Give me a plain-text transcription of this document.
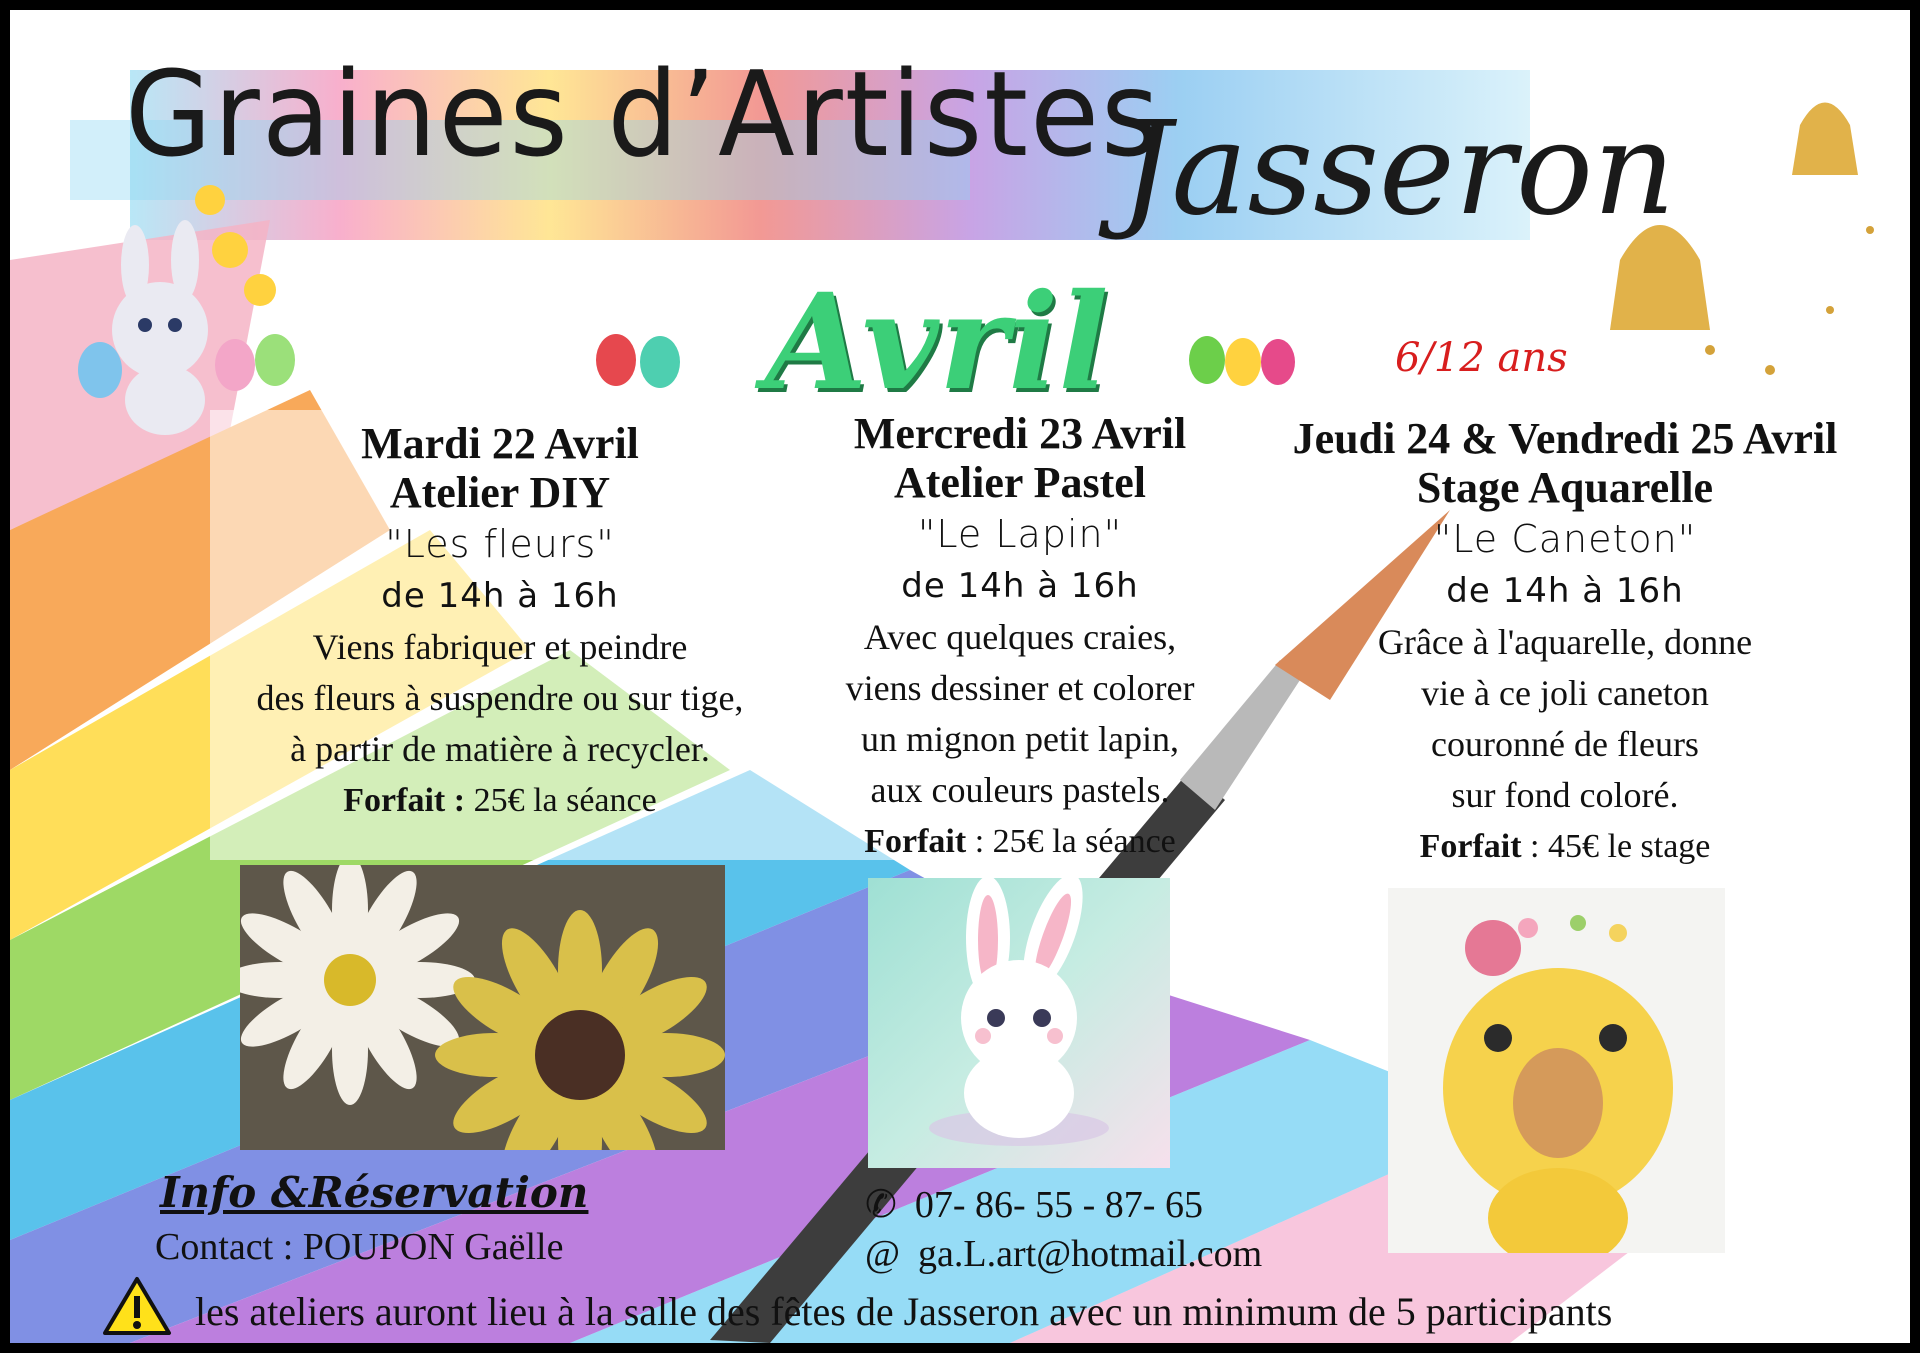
Graines d’Artistes
Jasseron
Avril	6/12 ans
Mardi 22 Avril
Atelier DIY
"Les fleurs"
de 14h à 16h
Viens fabriquer et peindre
des fleurs à suspendre ou sur tige,
à partir de matière à recycler.
Forfait : 25€ la séance
Mercredi 23 Avril
Atelier Pastel
"Le Lapin"
de 14h à 16h
Avec quelques craies,
viens dessiner et colorer
un mignon petit lapin,
aux couleurs pastels.
Forfait : 25€ la séance
Jeudi 24 & Vendredi 25 Avril
Stage Aquarelle
"Le Caneton"
de 14h à 16h
Grâce à l'aquarelle, donne
vie à ce joli caneton
couronné de fleurs
sur fond coloré.
Forfait : 45€ le stage
Info &Réservation
Contact : POUPON Gaëlle
✆ 07- 86- 55 - 87- 65
@ ga.L.art@hotmail.com
les ateliers auront lieu à la salle des fêtes de Jasseron avec un minimum de 5 participants
